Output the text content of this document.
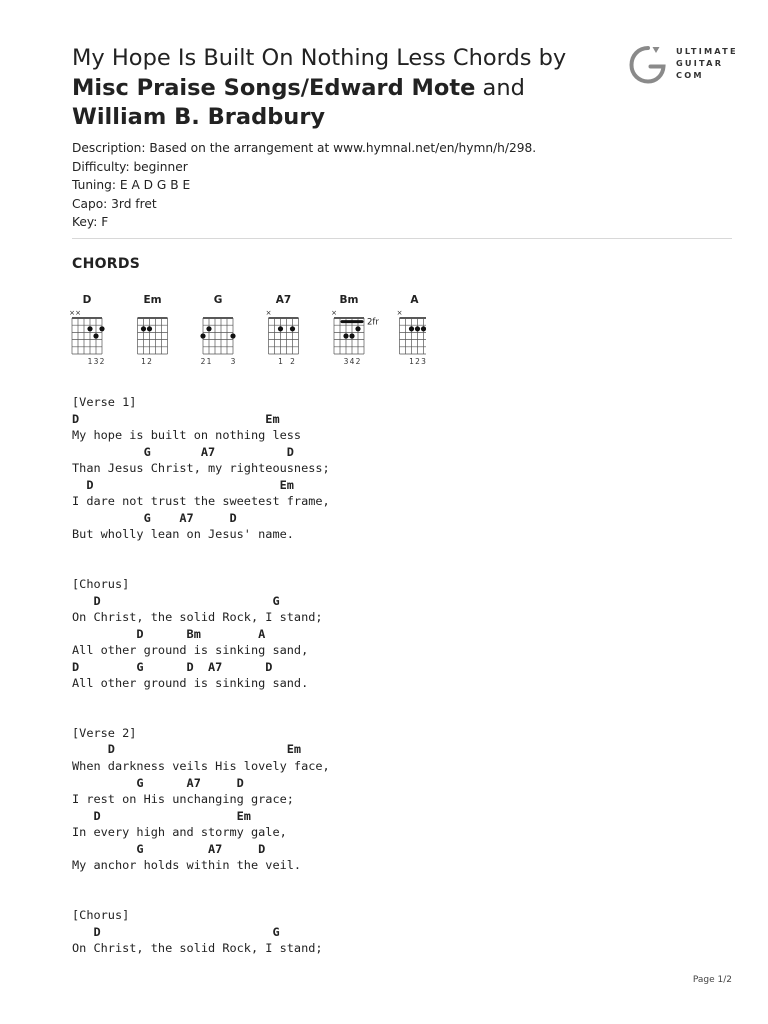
My Hope Is Built On Nothing Less Chords by Misc Praise Songs/Edward Mote and William B. Bradbury
ULTIMATE
GUITAR
COM
Description: Based on the arrangement at www.hymnal.net/en/hymn/h/298.
Difficulty: beginner
Tuning: E A D G B E
Capo: 3rd fret
Key: F
CHORDS
D
× ×
1 3 2
Em
1 2
G
2 1	3
A7
×
1 2
Bm
×
2fr
3 4 2
A
×
1 2 3
[Verse 1]
D                          Em
My hope is built on nothing less
G       A7          D
Than Jesus Christ, my righteousness;
D                          Em
I dare not trust the sweetest frame,
G    A7     D
But wholly lean on Jesus' name.
[Chorus]
D                        G
On Christ, the solid Rock, I stand;
D      Bm        A
All other ground is sinking sand,
D        G      D  A7      D
All other ground is sinking sand.
[Verse 2]
D                        Em
When darkness veils His lovely face,
G      A7     D
I rest on His unchanging grace;
D                   Em
In every high and stormy gale,
G         A7     D
My anchor holds within the veil.
[Chorus]
D                        G
On Christ, the solid Rock, I stand;
Page 1/2
